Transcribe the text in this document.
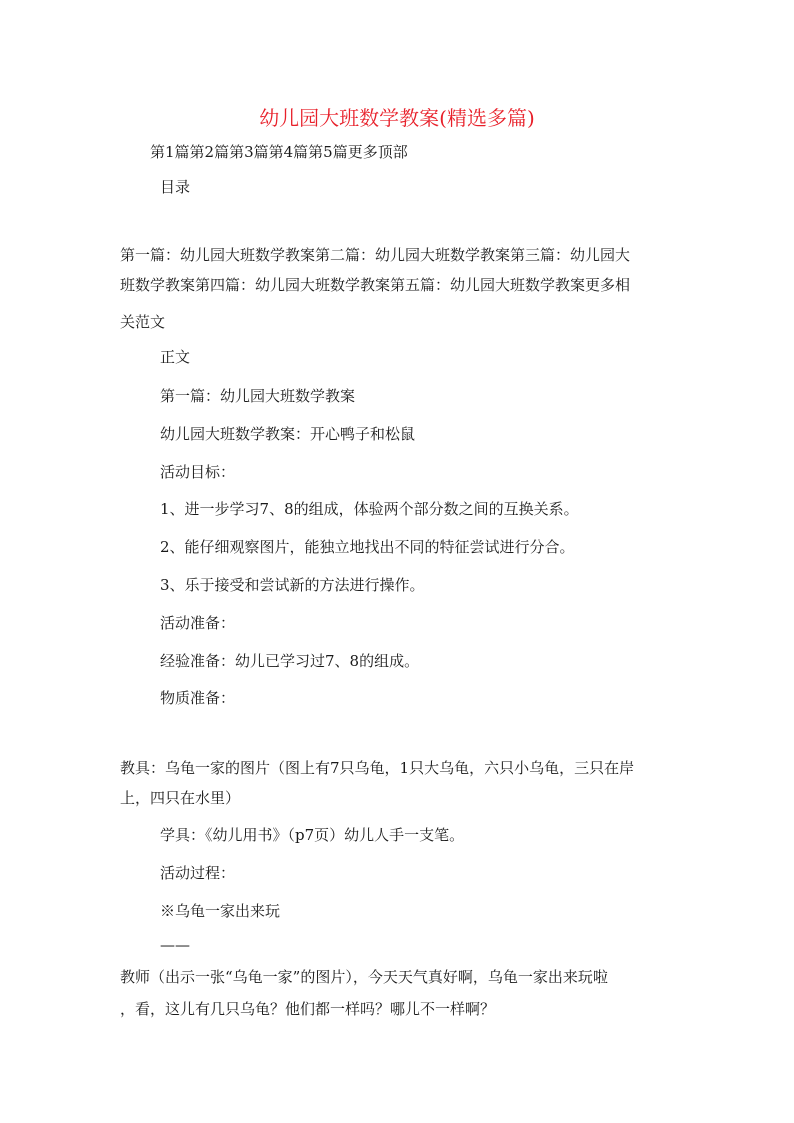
幼儿园大班数学教案(精选多篇)
第1篇第2篇第3篇第4篇第5篇更多顶部
目录
第一篇：幼儿园大班数学教案第二篇：幼儿园大班数学教案第三篇：幼儿园大
班数学教案第四篇：幼儿园大班数学教案第五篇：幼儿园大班数学教案更多相
关范文
正文
第一篇：幼儿园大班数学教案
幼儿园大班数学教案：开心鸭子和松鼠
活动目标：
1、进一步学习7、8的组成，体验两个部分数之间的互换关系。
2、能仔细观察图片，能独立地找出不同的特征尝试进行分合。
3、乐于接受和尝试新的方法进行操作。
活动准备：
经验准备：幼儿已学习过7、8的组成。
物质准备：
教具：乌龟一家的图片（图上有7只乌龟，1只大乌龟，六只小乌龟，三只在岸
上，四只在水里）
学具：《幼儿用书》（p7页）幼儿人手一支笔。
活动过程：
※乌龟一家出来玩
——
教师（出示一张“乌龟一家”的图片），今天天气真好啊，乌龟一家出来玩啦
，看，这儿有几只乌龟？他们都一样吗？哪儿不一样啊？
